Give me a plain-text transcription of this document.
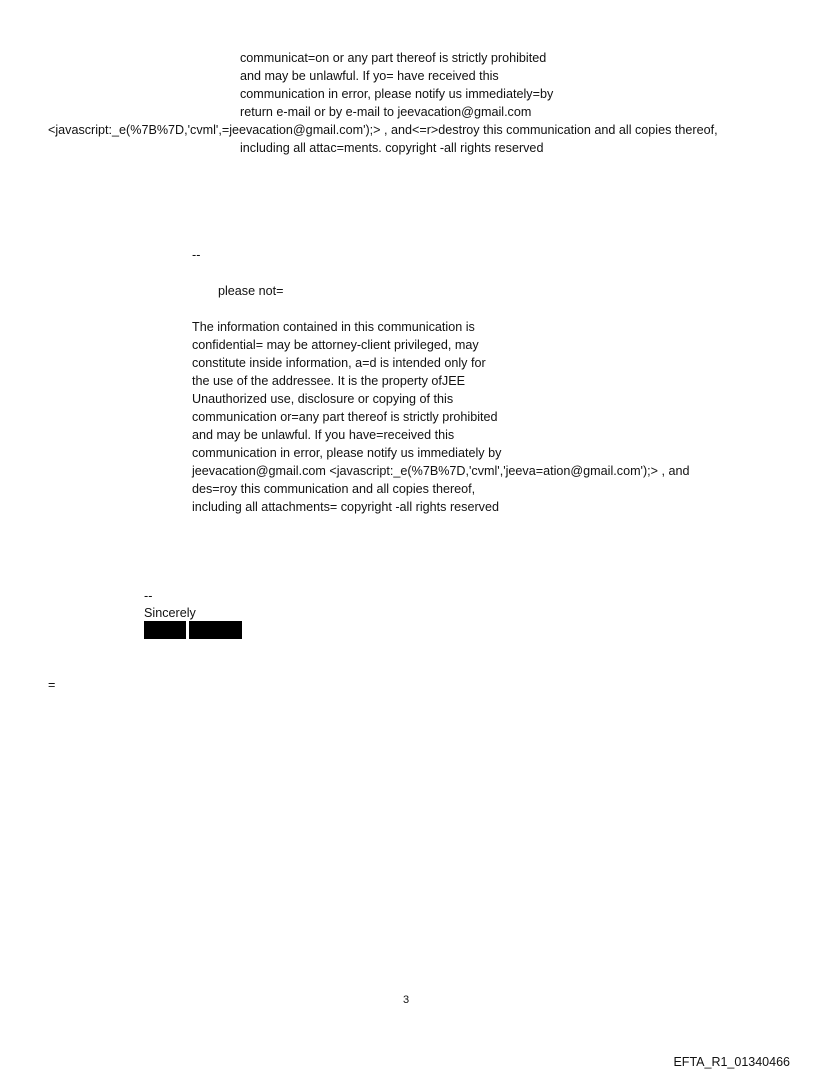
communicat=on or any part thereof is strictly prohibited

and may be unlawful. If yo= have received this

communication in error, please notify us immediately=by

return e-mail or by e-mail to jeevacation@gmail.com

<javascript:_e(%7B%7D,'cvml',=jeevacation@gmail.com');> , and<=r>destroy this communication and all copies thereof,

including all attac=ments. copyright -all rights reserved

--

please not=

The information contained in this communication is

confidential= may be attorney-client privileged, may

constitute inside information, a=d is intended only for

the use of the addressee. It is the property ofJEE

Unauthorized use, disclosure or copying of this

communication or=any part thereof is strictly prohibited

and may be unlawful. If you have=received this

communication in error, please notify us immediately by

jeevacation@gmail.com <javascript:_e(%7B%7D,'cvml','jeeva=ation@gmail.com');> , and

des=roy this communication and all copies thereof,

including all attachments= copyright -all rights reserved

--

Sincerely

=

3
EFTA_R1_01340466
